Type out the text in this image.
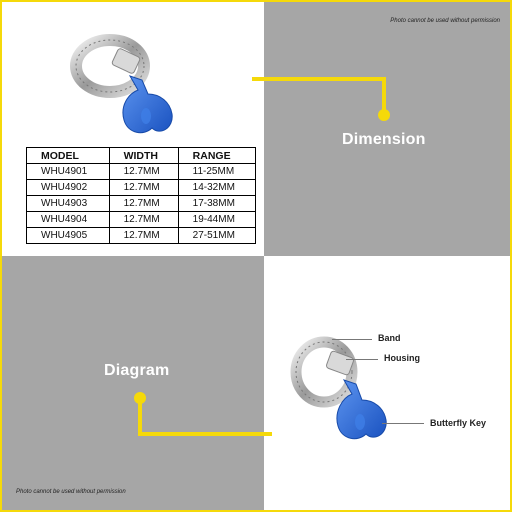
Photo cannot be used without permission
Photo cannot be used without permission
MODEL	WIDTH	RANGE
WHU4901	12.7MM	11-25MM
WHU4902	12.7MM	14-32MM
WHU4903	12.7MM	17-38MM
WHU4904	12.7MM	19-44MM
WHU4905	12.7MM	27-51MM
Dimension
Diagram
Band
Housing
Butterfly Key
